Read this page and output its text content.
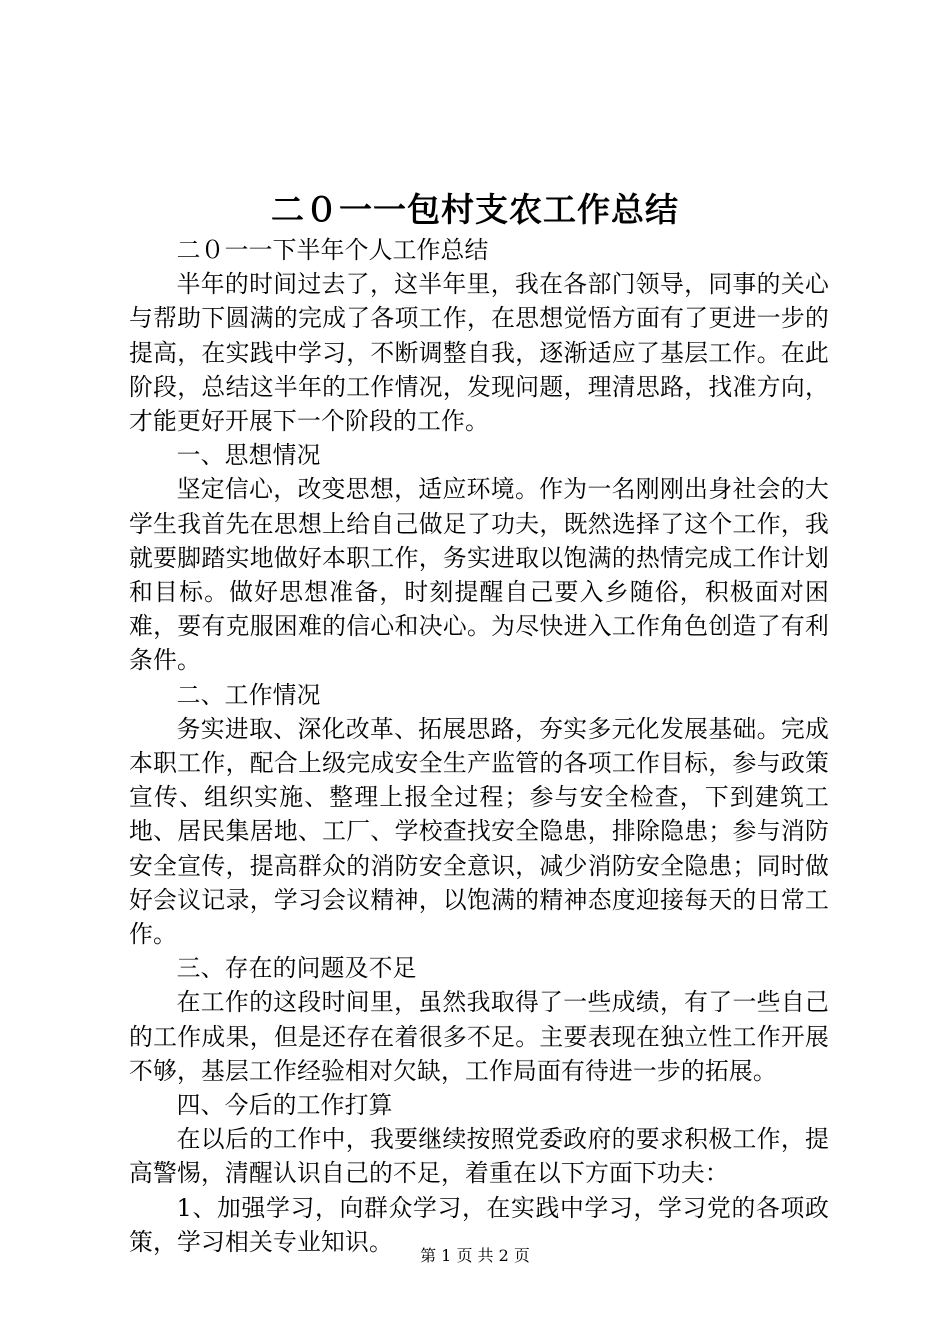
二０一一包村支农工作总结

二０一一下半年个人工作总结

半年的时间过去了，这半年里，我在各部门领导，同事的关心与帮助下圆满的完成了各项工作，在思想觉悟方面有了更进一步的提高，在实践中学习，不断调整自我，逐渐适应了基层工作。在此阶段，总结这半年的工作情况，发现问题，理清思路，找准方向，才能更好开展下一个阶段的工作。

一、思想情况

坚定信心，改变思想，适应环境。作为一名刚刚出身社会的大学生我首先在思想上给自己做足了功夫，既然选择了这个工作，我就要脚踏实地做好本职工作，务实进取以饱满的热情完成工作计划和目标。做好思想准备，时刻提醒自己要入乡随俗，积极面对困难，要有克服困难的信心和决心。为尽快进入工作角色创造了有利条件。

二、工作情况

务实进取、深化改革、拓展思路，夯实多元化发展基础。完成本职工作，配合上级完成安全生产监管的各项工作目标，参与政策宣传、组织实施、整理上报全过程；参与安全检查，下到建筑工地、居民集居地、工厂、学校查找安全隐患，排除隐患；参与消防安全宣传，提高群众的消防安全意识，减少消防安全隐患；同时做好会议记录，学习会议精神，以饱满的精神态度迎接每天的日常工作。

三、存在的问题及不足

在工作的这段时间里，虽然我取得了一些成绩，有了一些自己的工作成果，但是还存在着很多不足。主要表现在独立性工作开展不够，基层工作经验相对欠缺，工作局面有待进一步的拓展。

四、今后的工作打算

在以后的工作中，我要继续按照党委政府的要求积极工作，提高警惕，清醒认识自己的不足，着重在以下方面下功夫：

1、加强学习，向群众学习，在实践中学习，学习党的各项政策，学习相关专业知识。	第 1 页 共 2 页
